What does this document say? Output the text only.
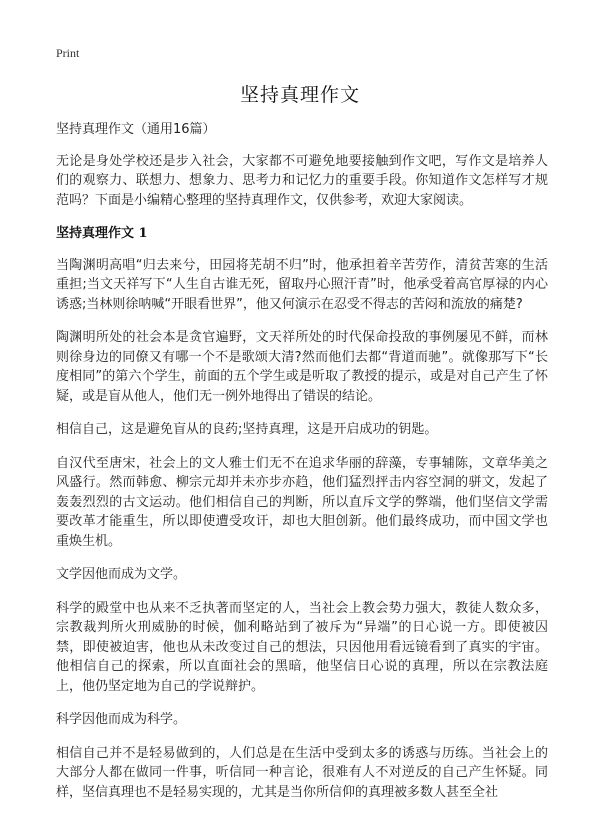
Print
坚持真理作文

坚持真理作文（通用16篇）

无论是身处学校还是步入社会，大家都不可避免地要接触到作文吧，写作文是培养人们的观察力、联想力、想象力、思考力和记忆力的重要手段。你知道作文怎样写才规范吗？下面是小编精心整理的坚持真理作文，仅供参考，欢迎大家阅读。

坚持真理作文 1

当陶渊明高唱“归去来兮，田园将芜胡不归”时，他承担着辛苦劳作，清贫苦寒的生活重担;当文天祥写下“人生自古谁无死，留取丹心照汗青”时，他承受着高官厚禄的内心诱惑;当林则徐呐喊“开眼看世界”，他又何演示在忍受不得志的苦闷和流放的痛楚?

陶渊明所处的社会本是贪官遍野，文天祥所处的时代保命投敌的事例屡见不鲜，而林则徐身边的同僚又有哪一个不是歌颂大清?然而他们去都“背道而驰”。就像那写下“长度相同”的第六个学生，前面的五个学生或是听取了教授的提示，或是对自己产生了怀疑，或是盲从他人，他们无一例外地得出了错误的结论。

相信自己，这是避免盲从的良药;坚持真理，这是开启成功的钥匙。

自汉代至唐宋，社会上的文人雅士们无不在追求华丽的辞藻，专事辅陈，文章华美之风盛行。然而韩愈、柳宗元却并未亦步亦趋，他们猛烈抨击内容空洞的骈文，发起了轰轰烈烈的古文运动。他们相信自己的判断，所以直斥文学的弊端，他们坚信文学需要改革才能重生，所以即使遭受攻讦，却也大胆创新。他们最终成功，而中国文学也重焕生机。

文学因他而成为文学。

科学的殿堂中也从来不乏执著而坚定的人，当社会上教会势力强大，教徒人数众多，宗教裁判所火刑威胁的时候，伽利略站到了被斥为“异端”的日心说一方。即使被囚禁，即使被迫害，他也从未改变过自己的想法，只因他用看远镜看到了真实的宇宙。他相信自己的探索，所以直面社会的黑暗，他坚信日心说的真理，所以在宗教法庭上，他仍坚定地为自己的学说辩护。

科学因他而成为科学。

相信自己并不是轻易做到的，人们总是在生活中受到太多的诱惑与历练。当社会上的大部分人都在做同一件事，听信同一种言论，很难有人不对逆反的自己产生怀疑。同样，坚信真理也不是轻易实现的，尤其是当你所信仰的真理被多数人甚至全社
